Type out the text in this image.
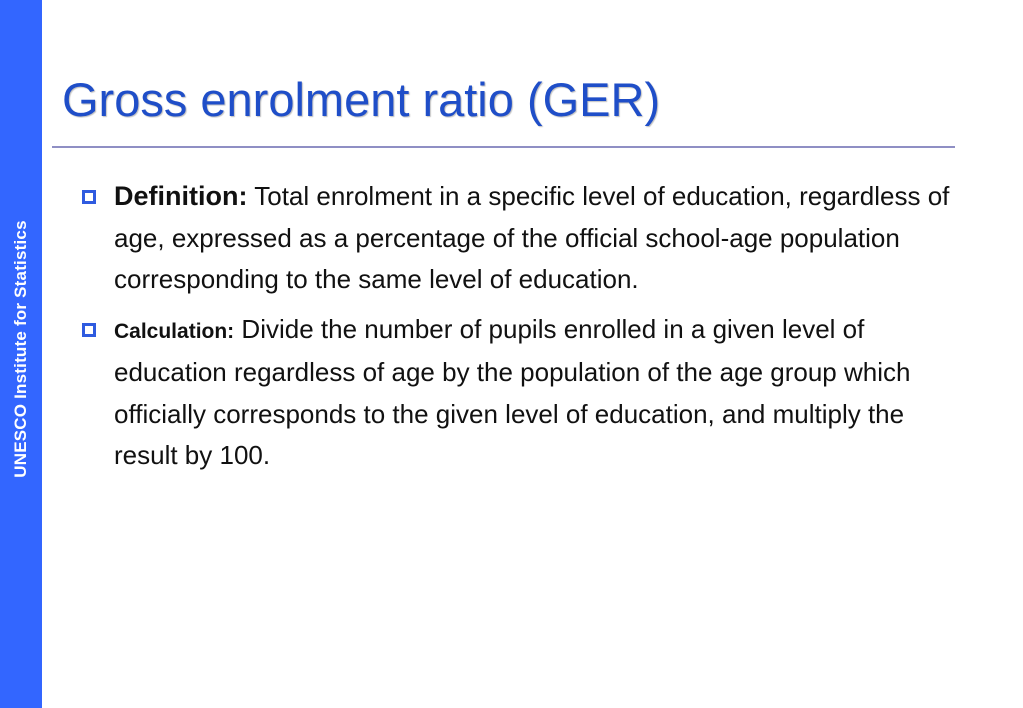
UNESCO Institute for Statistics
Gross enrolment ratio (GER)
Definition: Total enrolment in a specific level of education, regardless of age, expressed as a percentage of the official school-age population corresponding to the same level of education.
Calculation: Divide the number of pupils enrolled in a given level of education regardless of age by the population of the age group which officially corresponds to the given level of education, and multiply the result by 100.
